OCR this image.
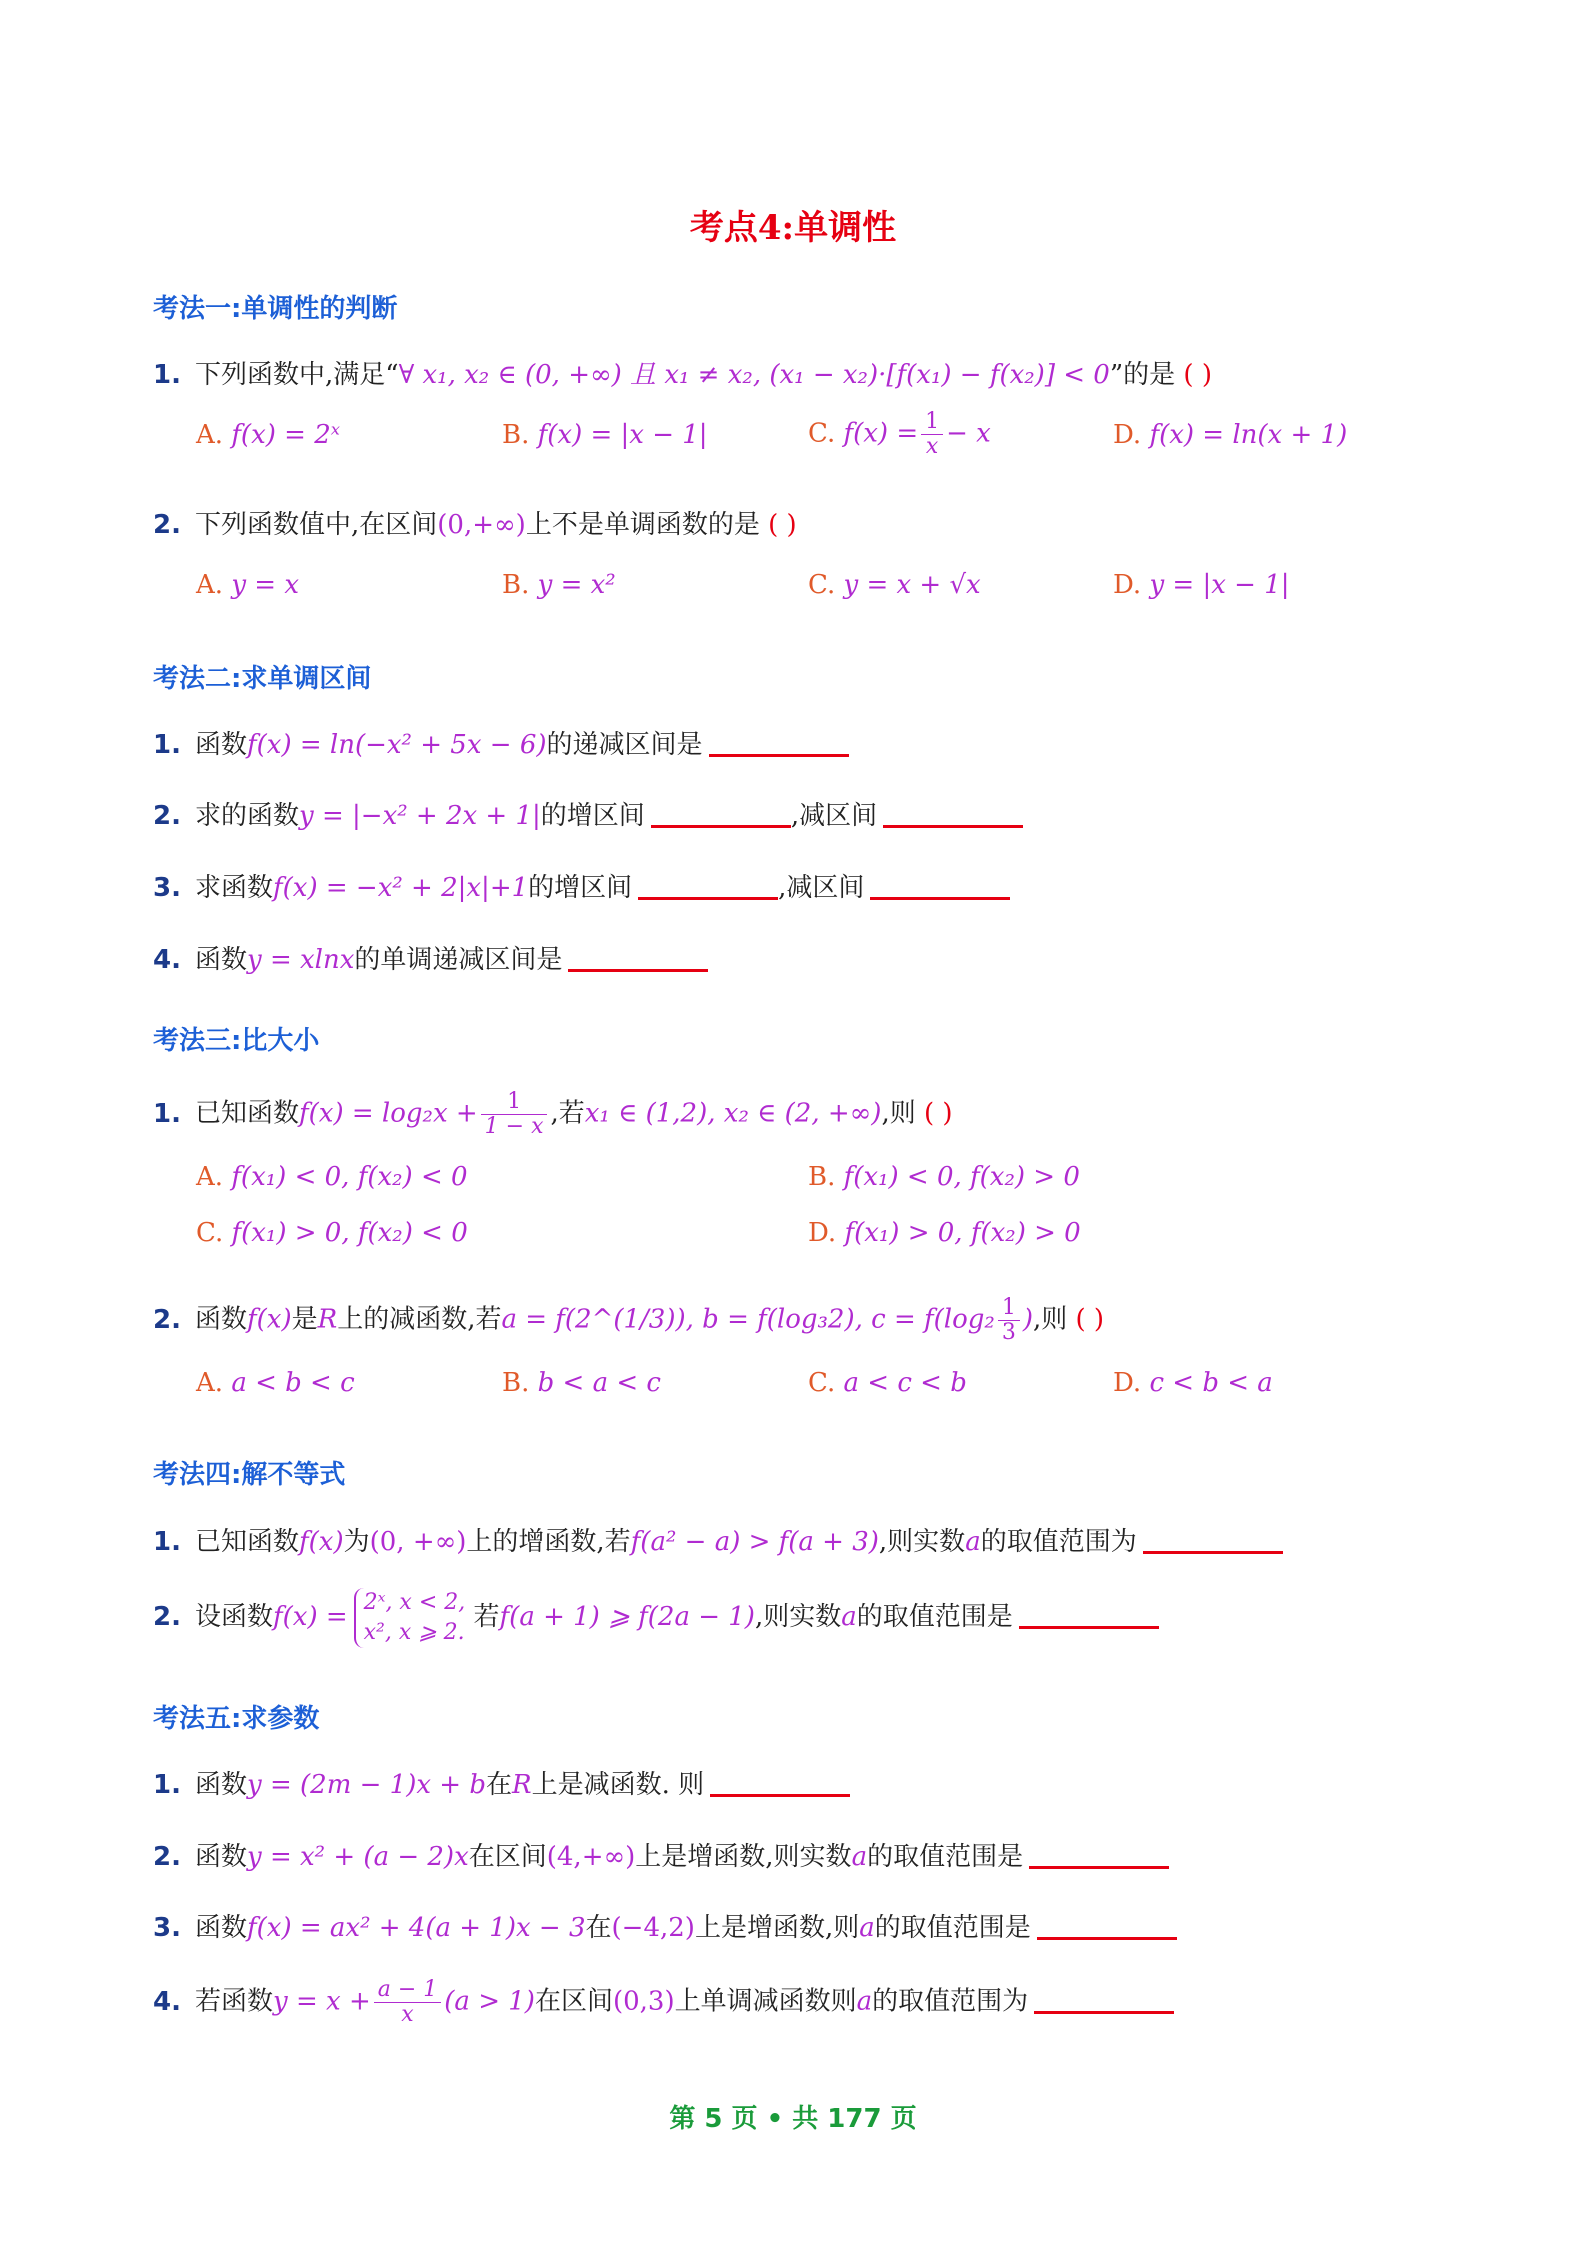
考点4:单调性
考法一:单调性的判断
1. 下列函数中,满足“∀ x₁, x₂ ∈ (0, +∞) 且 x₁ ≠ x₂, (x₁ − x₂)·[f(x₁) − f(x₂)] < 0”的是 ( )
A. f(x) = 2ˣ	B. f(x) = |x − 1|	C. $f(x) = \frac{1}{x} - x$	D. f(x) = ln(x + 1)
2. 下列函数值中,在区间(0,+∞)上不是单调函数的是 ( )
A. y = x	B. y = x²	C. y = x + √x	D. y = |x − 1|
考法二:求单调区间
1. 函数f(x) = ln(−x² + 5x − 6)的递减区间是
2. 求的函数y = |−x² + 2x + 1|的增区间	,减区间
3. 求函数f(x) = −x² + 2|x|+1的增区间	,减区间
4. 函数y = xlnx的单调递减区间是
考法三:比大小
1. 已知函数$f(x) = \log_2x + \frac{1}{1 - x}$ ,若x₁ ∈ (1,2), x₂ ∈ (2, +∞),则 ( )
A. f(x₁) < 0, f(x₂) < 0	B. f(x₁) < 0, f(x₂) > 0
C. f(x₁) > 0, f(x₂) < 0	D. f(x₁) > 0, f(x₂) > 0
2. 函数f(x)是R上的减函数,若a = f(2^(1/3)), b = f(log₃2), $c = f(\log_2 \frac{1}{3}$ ),则 ( )
A. a < b < c	B. b < a < c	C. a < c < b	D. c < b < a
考法四:解不等式
1. 已知函数f(x)为(0, +∞)上的增函数,若f(a² − a) > f(a + 3),则实数a的取值范围为
2. 设函数f(x) = 2ˣ, x < 2,
x², x ⩾ 2.
若f(a + 1) ⩾ f(2a − 1),则实数a的取值范围是
考法五:求参数
1. 函数y = (2m − 1)x + b在R上是减函数. 则
2. 函数y = x² + (a − 2)x在区间(4,+∞)上是增函数,则实数a的取值范围是
3. 函数f(x) = ax² + 4(a + 1)x − 3在(−4,2)上是增函数,则a的取值范围是
4. 若函数$y = x + \frac{a - 1}{x} (a > 1)$在区间(0,3)上单调减函数则a的取值范围为
第 5 页 • 共 177 页
